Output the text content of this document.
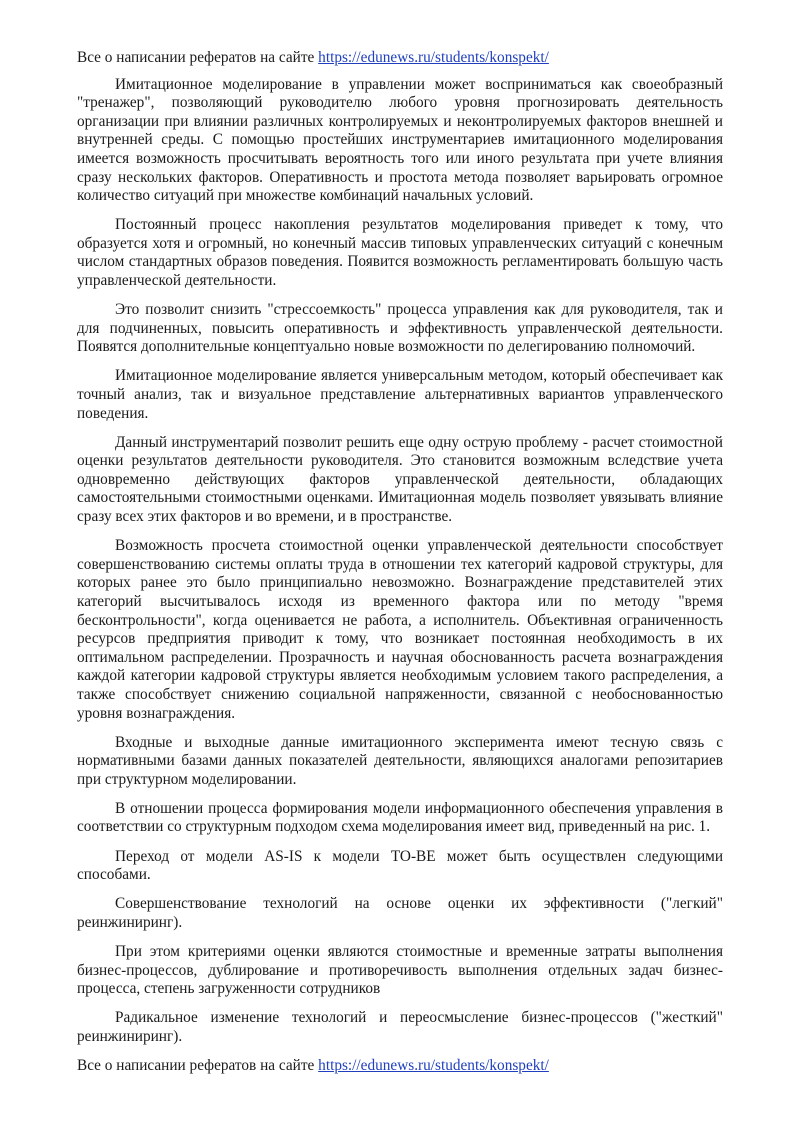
Все о написании рефератов на сайте https://edunews.ru/students/konspekt/

Имитационное моделирование в управлении может восприниматься как своеобразный "тренажер", позволяющий руководителю любого уровня прогнозировать деятельность организации при влиянии различных контролируемых и неконтролируемых факторов внешней и внутренней среды. С помощью простейших инструментариев имитационного моделирования имеется возможность просчитывать вероятность того или иного результата при учете влияния сразу нескольких факторов. Оперативность и простота метода позволяет варьировать огромное количество ситуаций при множестве комбинаций начальных условий.

Постоянный процесс накопления результатов моделирования приведет к тому, что образуется хотя и огромный, но конечный массив типовых управленческих ситуаций с конечным числом стандартных образов поведения. Появится возможность регламентировать большую часть управленческой деятельности.

Это позволит снизить "стрессоемкость" процесса управления как для руководителя, так и для подчиненных, повысить оперативность и эффективность управленческой деятельности. Появятся дополнительные концептуально новые возможности по делегированию полномочий.

Имитационное моделирование является универсальным методом, который обеспечивает как точный анализ, так и визуальное представление альтернативных вариантов управленческого поведения.

Данный инструментарий позволит решить еще одну острую проблему - расчет стоимостной оценки результатов деятельности руководителя. Это становится возможным вследствие учета одновременно действующих факторов управленческой деятельности, обладающих самостоятельными стоимостными оценками. Имитационная модель позволяет увязывать влияние сразу всех этих факторов и во времени, и в пространстве.

Возможность просчета стоимостной оценки управленческой деятельности способствует совершенствованию системы оплаты труда в отношении тех категорий кадровой структуры, для которых ранее это было принципиально невозможно. Вознаграждение представителей этих категорий высчитывалось исходя из временного фактора или по методу "время бесконтрольности", когда оценивается не работа, а исполнитель. Объективная ограниченность ресурсов предприятия приводит к тому, что возникает постоянная необходимость в их оптимальном распределении. Прозрачность и научная обоснованность расчета вознаграждения каждой категории кадровой структуры является необходимым условием такого распределения, а также способствует снижению социальной напряженности, связанной с необоснованностью уровня вознаграждения.

Входные и выходные данные имитационного эксперимента имеют тесную связь с нормативными базами данных показателей деятельности, являющихся аналогами репозитариев при структурном моделировании.

В отношении процесса формирования модели информационного обеспечения управления в соответствии со структурным подходом схема моделирования имеет вид, приведенный на рис. 1.

Переход от модели AS-IS к модели TO-BE может быть осуществлен следующими способами.

Совершенствование технологий на основе оценки их эффективности ("легкий" реинжиниринг).

При этом критериями оценки являются стоимостные и временные затраты выполнения бизнес-процессов, дублирование и противоречивость выполнения отдельных задач бизнес-процесса, степень загруженности сотрудников

Радикальное изменение технологий и переосмысление бизнес-процессов ("жесткий" реинжиниринг).

Все о написании рефератов на сайте https://edunews.ru/students/konspekt/
